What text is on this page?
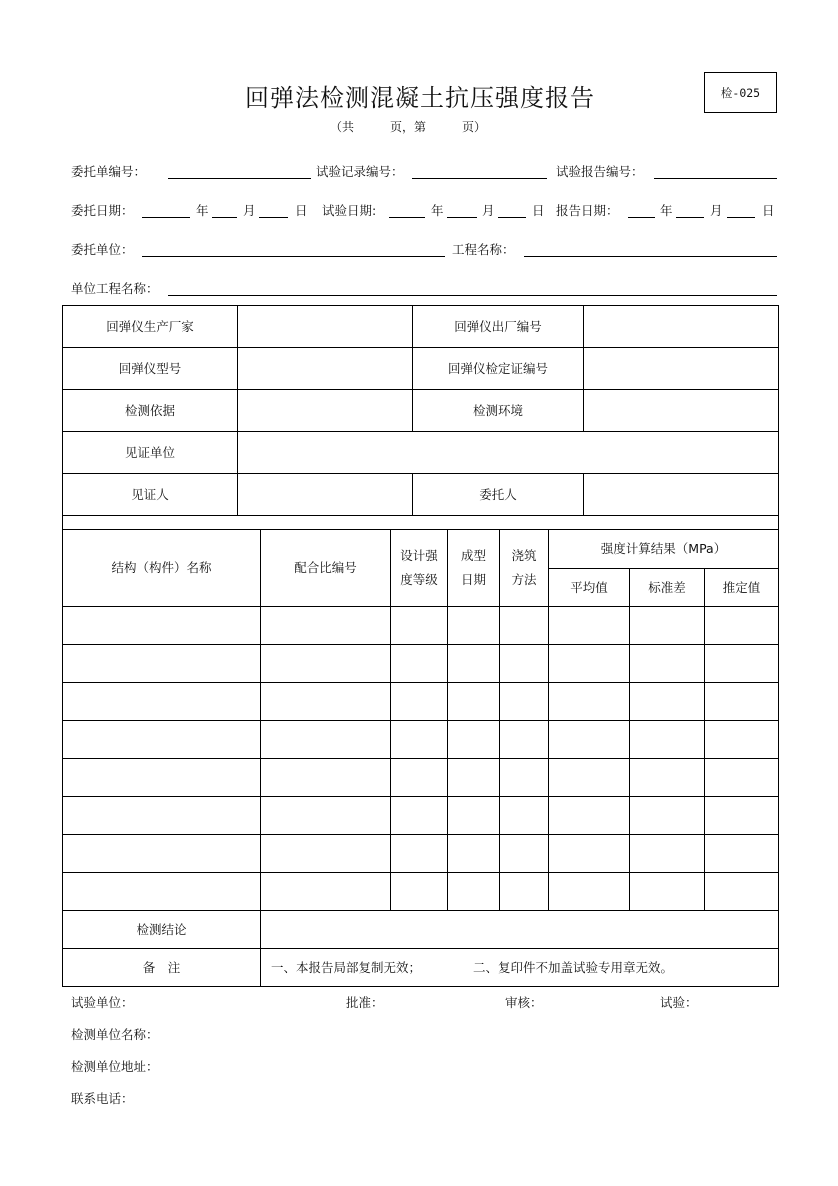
回弹法检测混凝土抗压强度报告	检-025
（共　　　页，第　　　页）
委托单编号：	试验记录编号：	试验报告编号：
委托日期：	年	月	日 试验日期:	年	月	日 报告日期：	年	月	日
委托单位：	工程名称：
单位工程名称：
回弹仪生产厂家		回弹仪出厂编号	
回弹仪型号		回弹仪检定证编号	
检测依据		检测环境	
见证单位			
见证人		委托人	

结构（构件）名称	配合比编号	设计强度等级	成型日期	浇筑方法	强度计算结果（MPa）		
					平均值	标准差	推定值

检测结论							
备　注	一、本报告局部复制无效； 二、复印件不加盖试验专用章无效。						
试验单位：	批准：	审核：	试验：
检测单位名称：
检测单位地址：
联系电话：
